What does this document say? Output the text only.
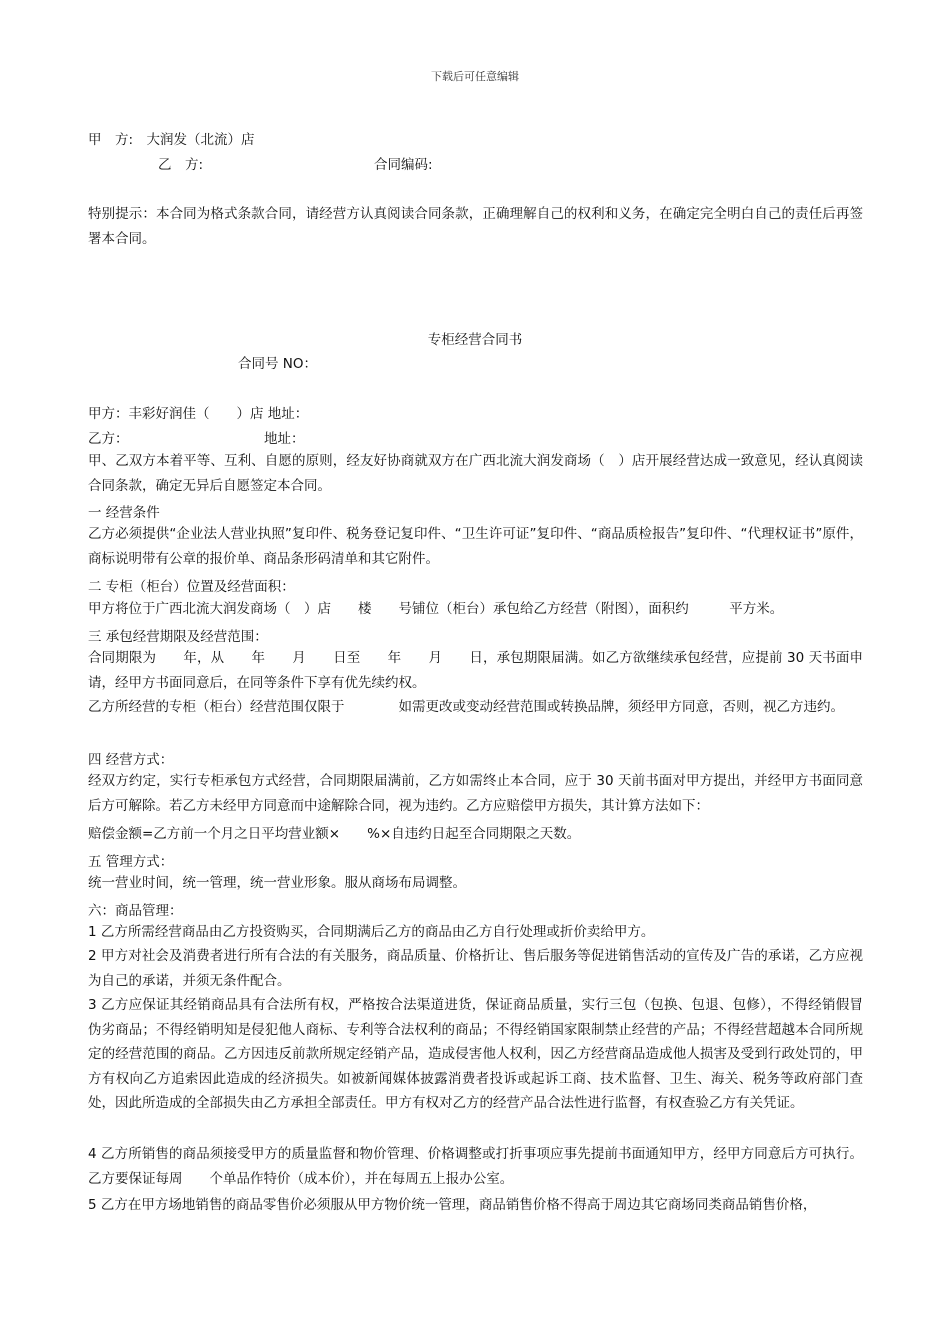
下载后可任意编辑
甲　方:　大润发（北流）店
乙　方:	合同编码:
特别提示：本合同为格式条款合同，请经营方认真阅读合同条款，正确理解自己的权利和义务，在确定完全明白自己的责任后再签署本合同。
专柜经营合同书
合同号 NO：
甲方：丰彩好润佳（　　）店 地址：
乙方：	地址：
甲、乙双方本着平等、互利、自愿的原则，经友好协商就双方在广西北流大润发商场（　）店开展经营达成一致意见，经认真阅读合同条款，确定无异后自愿签定本合同。
一 经营条件
乙方必须提供“企业法人营业执照”复印件、税务登记复印件、“卫生许可证”复印件、“商品质检报告”复印件、“代理权证书”原件，商标说明带有公章的报价单、商品条形码清单和其它附件。
二 专柜（柜台）位置及经营面积：
甲方将位于广西北流大润发商场（　）店　　楼　　号铺位（柜台）承包给乙方经营（附图），面积约　　　平方米。
三 承包经营期限及经营范围：
合同期限为　　年，从　　年　　月　　日至　　年　　月　　日，承包期限届满。如乙方欲继续承包经营，应提前 30 天书面申请，经甲方书面同意后，在同等条件下享有优先续约权。
乙方所经营的专柜（柜台）经营范围仅限于　　　　如需更改或变动经营范围或转换品牌，须经甲方同意，否则，视乙方违约。
四 经营方式：
经双方约定，实行专柜承包方式经营，合同期限届满前，乙方如需终止本合同，应于 30 天前书面对甲方提出，并经甲方书面同意后方可解除。若乙方未经甲方同意而中途解除合同，视为违约。乙方应赔偿甲方损失，其计算方法如下：
赔偿金额=乙方前一个月之日平均营业额×　　%×自违约日起至合同期限之天数。
五 管理方式：
统一营业时间，统一管理，统一营业形象。服从商场布局调整。
六：商品管理：
1 乙方所需经营商品由乙方投资购买，合同期满后乙方的商品由乙方自行处理或折价卖给甲方。
2 甲方对社会及消费者进行所有合法的有关服务，商品质量、价格折让、售后服务等促进销售活动的宣传及广告的承诺，乙方应视为自己的承诺，并须无条件配合。
3 乙方应保证其经销商品具有合法所有权，严格按合法渠道进货，保证商品质量，实行三包（包换、包退、包修），不得经销假冒伪劣商品；不得经销明知是侵犯他人商标、专利等合法权利的商品；不得经销国家限制禁止经营的产品；不得经营超越本合同所规定的经营范围的商品。乙方因违反前款所规定经销产品，造成侵害他人权利，因乙方经营商品造成他人损害及受到行政处罚的，甲方有权向乙方追索因此造成的经济损失。如被新闻媒体披露消费者投诉或起诉工商、技术监督、卫生、海关、税务等政府部门查处，因此所造成的全部损失由乙方承担全部责任。甲方有权对乙方的经营产品合法性进行监督，有权查验乙方有关凭证。
4 乙方所销售的商品须接受甲方的质量监督和物价管理、价格调整或打折事项应事先提前书面通知甲方，经甲方同意后方可执行。乙方要保证每周　　个单品作特价（成本价），并在每周五上报办公室。
5 乙方在甲方场地销售的商品零售价必须服从甲方物价统一管理，商品销售价格不得高于周边其它商场同类商品销售价格，
